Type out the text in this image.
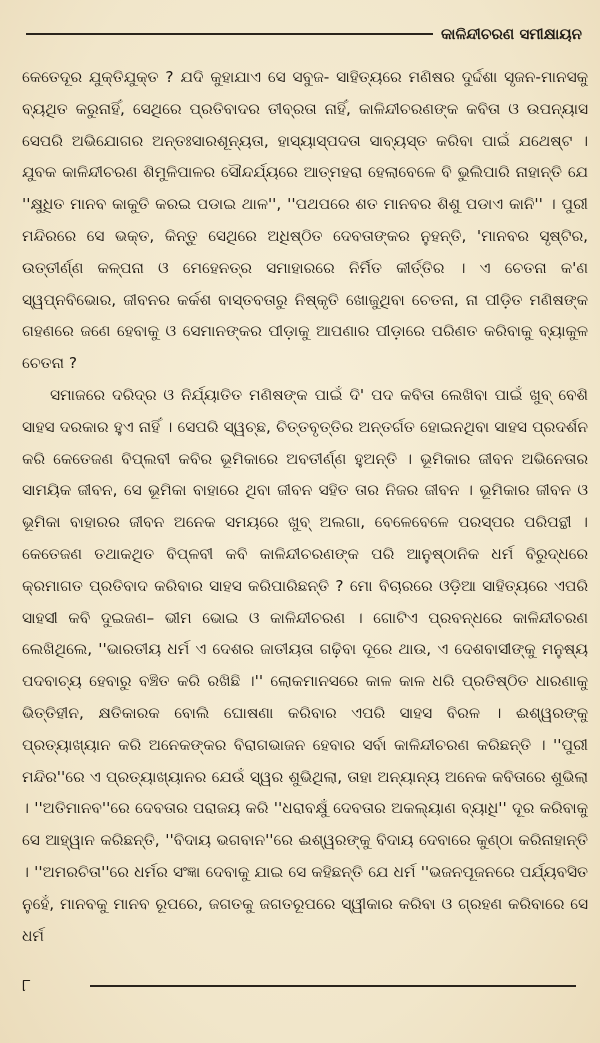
କାଳିନ୍ଦୀଚରଣ ସମୀକ୍ଷାୟନ

କେତେଦୂର ଯୁକ୍ତିଯୁକ୍ତ ? ଯଦି କୁହାଯାଏ ସେ ସବୁଜ- ସାହିତ୍ୟରେ ମଣିଷର ଦୁର୍ଦ୍ଦଶା ସୃଜନ-ମାନସକୁ ବ୍ୟଥିତ କରୁନାହିଁ, ସେଥିରେ ପ୍ରତିବାଦର ତୀବ୍ରତା ନାହିଁ, କାଳିନ୍ଦୀଚରଣଙ୍କ କବିତା ଓ ଉପନ୍ୟାସ ସେପରି ଅଭିଯୋଗର ଅନ୍ତଃସାରଶୂନ୍ୟତା, ହାସ୍ୟାସ୍ପଦତା ସାବ୍ୟସ୍ତ କରିବା ପାଇଁ ଯଥେଷ୍ଟ । ଯୁବକ କାଳିନ୍ଦୀଚରଣ ଶିମୁଳିପାଳର ସୌନ୍ଦର୍ଯ୍ୟରେ ଆତ୍ମହରା ହେଲାବେଳେ ବି ଭୁଲିପାରି ନାହାନ୍ତି ଯେ ''କ୍ଷୁଧିତ ମାନବ କାକୁତି କରଇ ପଡାଇ ଥାଳ'', ''ପଥପରେ ଶତ ମାନବର ଶିଶୁ ପଡାଏ କାନି'' । ପୁରୀ ମନ୍ଦିରରେ ସେ ଭକ୍ତ, କିନ୍ତୁ ସେଥିରେ ଅଧିଷ୍ଠିତ ଦେବତାଙ୍କର ନୁହନ୍ତି, 'ମାନବର ସୃଷ୍ଟିର, ଉତ୍ତୀର୍ଣ୍ଣ କଳ୍ପନା ଓ ମେହେନତ୍‌ର ସମାହାରରେ ନିର୍ମିତ କୀର୍ତ୍ତିର । ଏ ଚେତନା କ'ଣ ସ୍ୱପ୍ନବିଭୋର, ଜୀବନର କର୍କଶ ବାସ୍ତବତାରୁ ନିଷ୍କୃତି ଖୋଜୁଥିବା ଚେତନା, ନା ପୀଡ଼ିତ ମଣିଷଙ୍କ ଗହଣରେ ଜଣେ ହେବାକୁ ଓ ସେମାନଙ୍କର ପୀଡ଼ାକୁ ଆପଣାର ପୀଡ଼ାରେ ପରିଣତ କରିବାକୁ ବ୍ୟାକୁଳ ଚେତନା ?

ସମାଜରେ ଦରିଦ୍ର ଓ ନିର୍ଯ୍ୟାତିତ ମଣିଷଙ୍କ ପାଇଁ ଦି' ପଦ କବିତା ଲେଖିବା ପାଇଁ ଖୁବ୍ ବେଶି ସାହସ ଦରକାର ହୁଏ ନାହିଁ । ସେପରି ସ୍ୱଚ୍ଛ, ଚିତ୍ତବୃତ୍ତିର ଅନ୍ତର୍ଗତ ହୋଇନଥିବା ସାହସ ପ୍ରଦର୍ଶନ କରି କେତେଜଣ ବିପ୍ଲବୀ କବିର ଭୂମିକାରେ ଅବତୀର୍ଣ୍ଣ ହୁଅନ୍ତି । ଭୂମିକାର ଜୀବନ ଅଭିନେତାର ସାମୟିକ ଜୀବନ, ସେ ଭୂମିକା ବାହାରେ ଥିବା ଜୀବନ ସହିତ ତାର ନିଜର ଜୀବନ । ଭୂମିକାର ଜୀବନ ଓ ଭୂମିକା ବାହାରର ଜୀବନ ଅନେକ ସମୟରେ ଖୁବ୍ ଅଲଗା, ବେଳେବେଳେ ପରସ୍ପର ପରିପନ୍ଥୀ । କେତେଜଣ ତଥାକଥିତ ବିପ୍ଳବୀ କବି କାଳିନ୍ଦୀଚରଣଙ୍କ ପରି ଆନୁଷ୍ଠାନିକ ଧର୍ମ ବିରୁଦ୍ଧରେ କ୍ରମାଗତ ପ୍ରତିବାଦ କରିବାର ସାହସ କରିପାରିଛନ୍ତି ? ମୋ ବିଚାରରେ ଓଡ଼ିଆ ସାହିତ୍ୟରେ ଏପରି ସାହସୀ କବି ଦୁଇଜଣ– ଭୀମ ଭୋଇ ଓ କାଳିନ୍ଦୀଚରଣ । ଗୋଟିଏ ପ୍ରବନ୍ଧରେ କାଳିନ୍ଦୀଚରଣ ଲେଖିଥିଲେ, ''ଭାରତୀୟ ଧର୍ମ ଏ ଦେଶର ଜାତୀୟତା ଗଢ଼ିବା ଦୂରେ ଥାଉ, ଏ ଦେଶବାସୀଙ୍କୁ ମନୁଷ୍ୟ ପଦବାଚ୍ୟ ହେବାରୁ ବଞ୍ଚିତ କରି ରଖିଛି ।'' ଲୋକମାନସରେ କାଳ କାଳ ଧରି ପ୍ରତିଷ୍ଠିତ ଧାରଣାକୁ ଭିତ୍ତିହୀନ, କ୍ଷତିକାରକ ବୋଲି ଘୋଷଣା କରିବାର ଏପରି ସାହସ ବିରଳ । ଈଶ୍ୱରଙ୍କୁ ପ୍ରତ୍ୟାଖ୍ୟାନ କରି ଅନେକଙ୍କର ବିରାଗଭାଜନ ହେବାର ସର୍ବା କାଳିନ୍ଦୀଚରଣ କରିଛନ୍ତି । ''ପୁରୀ ମନ୍ଦିର''ରେ ଏ ପ୍ରତ୍ୟାଖ୍ୟାନର ଯେଉଁ ସ୍ୱର ଶୁଭିଥିଲା, ତାହା ଅନ୍ୟାନ୍ୟ ଅନେକ କବିତାରେ ଶୁଭିଲା । ''ଅତିମାନବ''ରେ ଦେବତାର ପରାଜୟ କରି ''ଧରାବକ୍ଷୁଁ ଦେବତାର ଅକଲ୍ୟାଣ ବ୍ୟାଧି'' ଦୂର କରିବାକୁ ସେ ଆହ୍ୱାନ କରିଛନ୍ତି, ''ବିଦାୟ ଭଗବାନ''ରେ ଈଶ୍ୱରଙ୍କୁ ବିଦାୟ ଦେବାରେ କୁଣ୍ଠା କରିନାହାନ୍ତି । ''ଅମରଚିତା''ରେ ଧର୍ମର ସଂଜ୍ଞା ଦେବାକୁ ଯାଇ ସେ କହିଛନ୍ତି ଯେ ଧର୍ମ ''ଭଜନପୂଜନରେ ପର୍ଯ୍ୟବସିତ ନୁହେଁ, ମାନବକୁ ମାନବ ରୂପରେ, ଜଗତକୁ ଜଗତରୂପରେ ସ୍ୱୀକାର କରିବା ଓ ଗ୍ରହଣ କରିବାରେ ସେ ଧର୍ମ

୮
